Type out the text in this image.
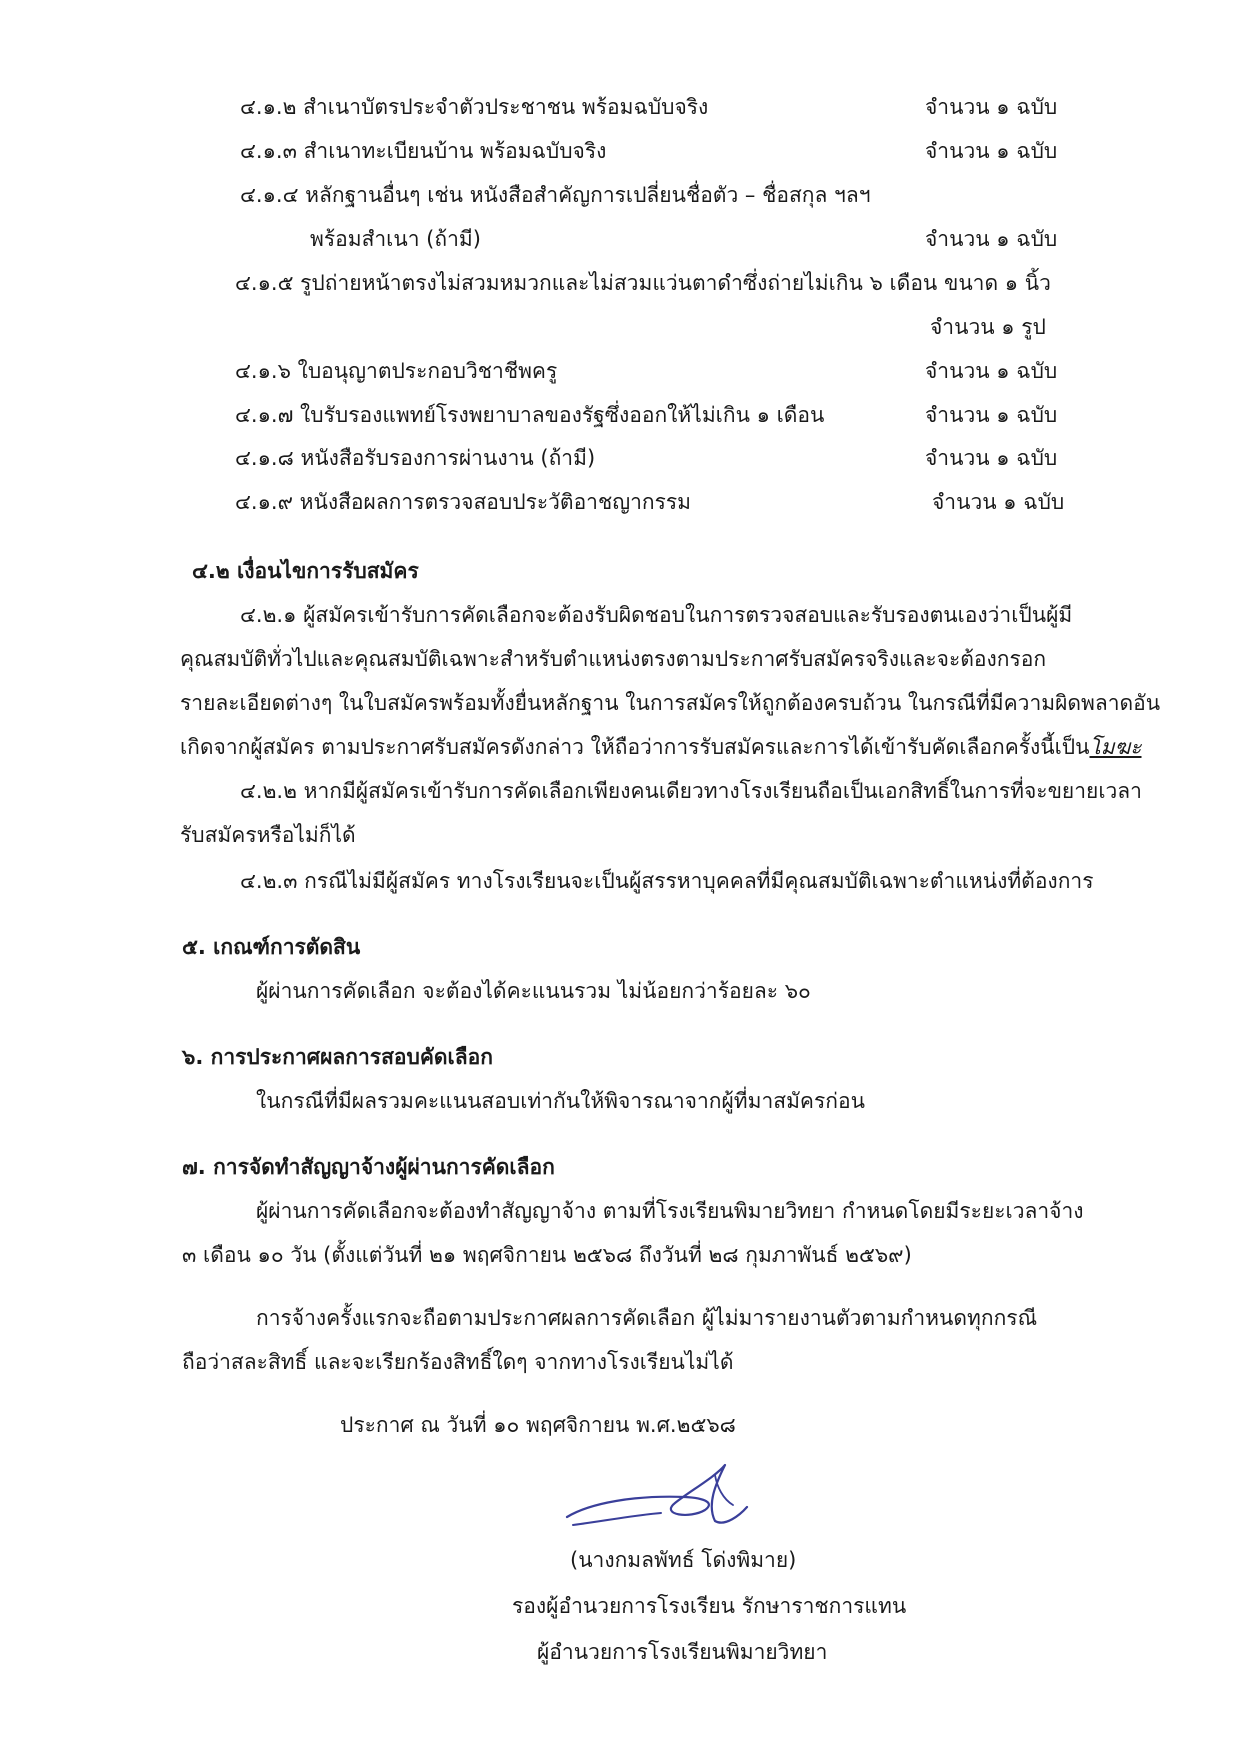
๔.๑.๒ สำเนาบัตรประจำตัวประชาชน พร้อมฉบับจริง	จำนวน ๑ ฉบับ
๔.๑.๓ สำเนาทะเบียนบ้าน พร้อมฉบับจริง	จำนวน ๑ ฉบับ
๔.๑.๔ หลักฐานอื่นๆ เช่น หนังสือสำคัญการเปลี่ยนชื่อตัว – ชื่อสกุล ฯลฯ
พร้อมสำเนา (ถ้ามี)	จำนวน ๑ ฉบับ
๔.๑.๕ รูปถ่ายหน้าตรงไม่สวมหมวกและไม่สวมแว่นตาดำซึ่งถ่ายไม่เกิน ๖ เดือน ขนาด ๑ นิ้ว
จำนวน ๑ รูป
๔.๑.๖ ใบอนุญาตประกอบวิชาชีพครู	จำนวน ๑ ฉบับ
๔.๑.๗ ใบรับรองแพทย์โรงพยาบาลของรัฐซึ่งออกให้ไม่เกิน ๑ เดือน	จำนวน ๑ ฉบับ
๔.๑.๘ หนังสือรับรองการผ่านงาน (ถ้ามี)	จำนวน ๑ ฉบับ
๔.๑.๙ หนังสือผลการตรวจสอบประวัติอาชญากรรม	จำนวน ๑ ฉบับ
๔.๒ เงื่อนไขการรับสมัคร
๔.๒.๑ ผู้สมัครเข้ารับการคัดเลือกจะต้องรับผิดชอบในการตรวจสอบและรับรองตนเองว่าเป็นผู้มี
คุณสมบัติทั่วไปและคุณสมบัติเฉพาะสำหรับตำแหน่งตรงตามประกาศรับสมัครจริงและจะต้องกรอก
รายละเอียดต่างๆ ในใบสมัครพร้อมทั้งยื่นหลักฐาน ในการสมัครให้ถูกต้องครบถ้วน ในกรณีที่มีความผิดพลาดอัน
เกิดจากผู้สมัคร ตามประกาศรับสมัครดังกล่าว ให้ถือว่าการรับสมัครและการได้เข้ารับคัดเลือกครั้งนี้เป็นโมฆะ
๔.๒.๒ หากมีผู้สมัครเข้ารับการคัดเลือกเพียงคนเดียวทางโรงเรียนถือเป็นเอกสิทธิ์ในการที่จะขยายเวลา
รับสมัครหรือไม่ก็ได้
๔.๒.๓ กรณีไม่มีผู้สมัคร ทางโรงเรียนจะเป็นผู้สรรหาบุคคลที่มีคุณสมบัติเฉพาะตำแหน่งที่ต้องการ
๕. เกณฑ์การตัดสิน
ผู้ผ่านการคัดเลือก จะต้องได้คะแนนรวม ไม่น้อยกว่าร้อยละ ๖๐
๖. การประกาศผลการสอบคัดเลือก
ในกรณีที่มีผลรวมคะแนนสอบเท่ากันให้พิจารณาจากผู้ที่มาสมัครก่อน
๗. การจัดทำสัญญาจ้างผู้ผ่านการคัดเลือก
ผู้ผ่านการคัดเลือกจะต้องทำสัญญาจ้าง ตามที่โรงเรียนพิมายวิทยา กำหนดโดยมีระยะเวลาจ้าง
๓ เดือน ๑๐ วัน (ตั้งแต่วันที่ ๒๑ พฤศจิกายน ๒๕๖๘ ถึงวันที่ ๒๘ กุมภาพันธ์ ๒๕๖๙)
การจ้างครั้งแรกจะถือตามประกาศผลการคัดเลือก ผู้ไม่มารายงานตัวตามกำหนดทุกกรณี
ถือว่าสละสิทธิ์ และจะเรียกร้องสิทธิ์ใดๆ จากทางโรงเรียนไม่ได้
ประกาศ ณ วันที่ ๑๐ พฤศจิกายน พ.ศ.๒๕๖๘
(นางกมลพัทธ์ โด่งพิมาย)
รองผู้อำนวยการโรงเรียน รักษาราชการแทน
ผู้อำนวยการโรงเรียนพิมายวิทยา
